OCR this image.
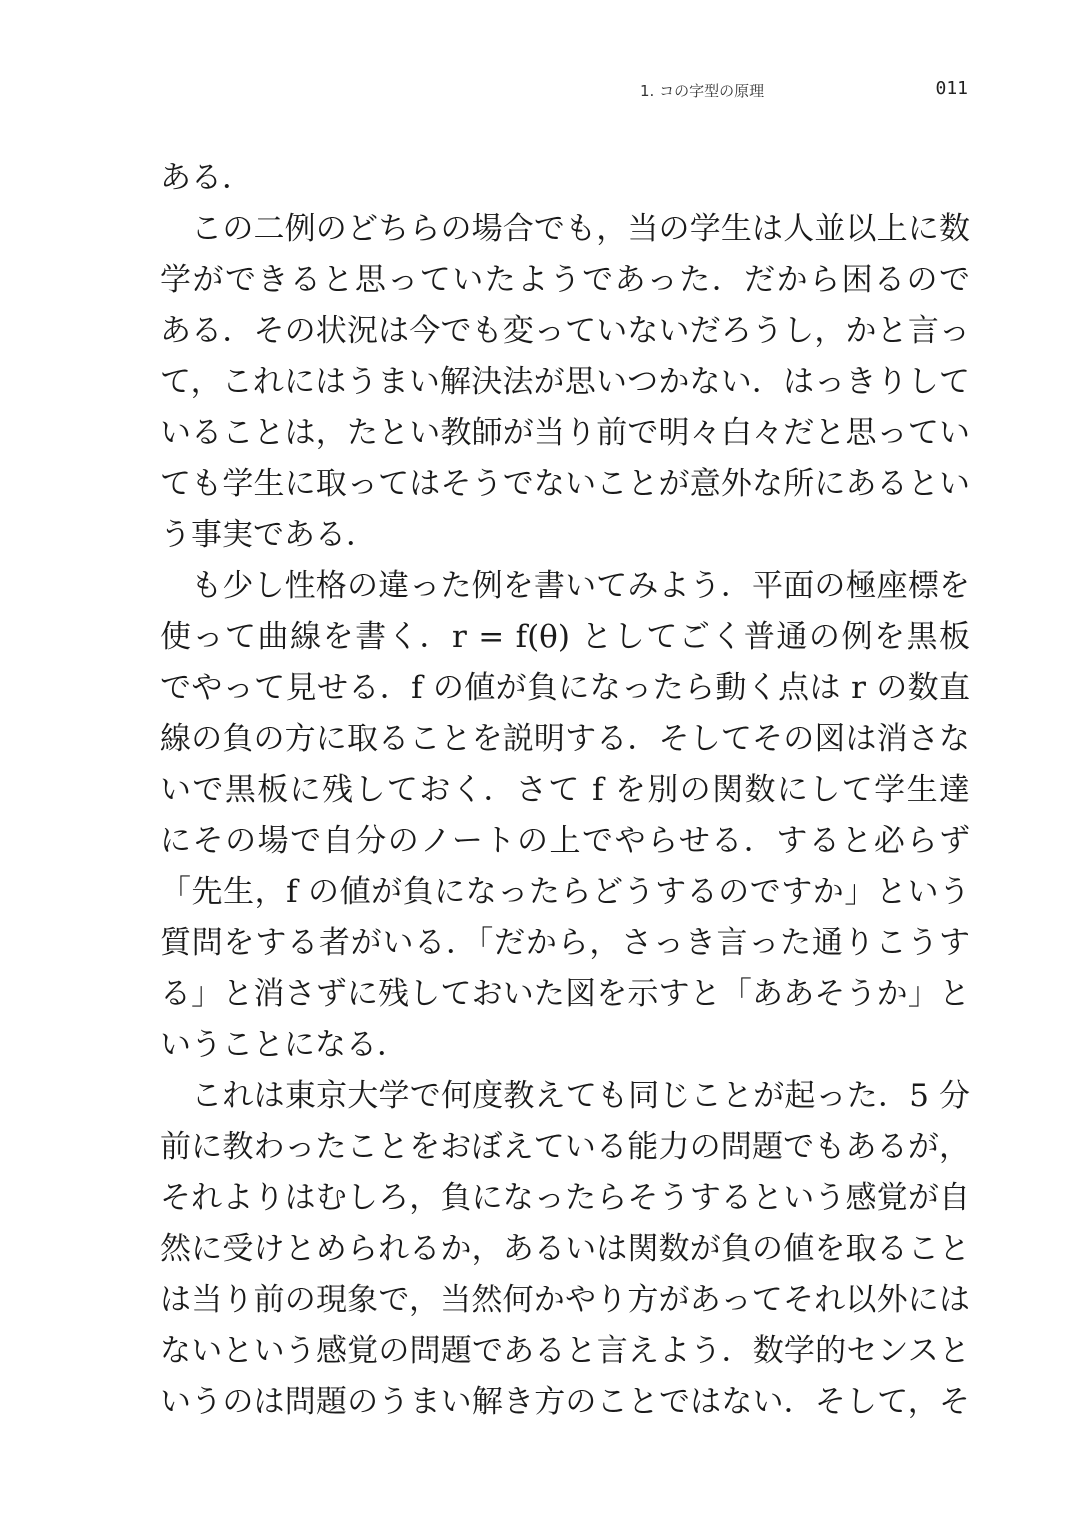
1. コの字型の原理	011
ある．
　この二例のどちらの場合でも，当の学生は人並以上に数
学ができると思っていたようであった．だから困るので
ある．その状況は今でも変っていないだろうし，かと言っ
て，これにはうまい解決法が思いつかない．はっきりして
いることは，たとい教師が当り前で明々白々だと思ってい
ても学生に取ってはそうでないことが意外な所にあるとい
う事実である．
　も少し性格の違った例を書いてみよう．平面の極座標を
使って曲線を書く．r = f(θ) としてごく普通の例を黒板
でやって見せる．f の値が負になったら動く点は r の数直
線の負の方に取ることを説明する．そしてその図は消さな
いで黒板に残しておく．さて f を別の関数にして学生達
にその場で自分のノートの上でやらせる．すると必らず
「先生，f の値が負になったらどうするのですか」という
質問をする者がいる．「だから，さっき言った通りこうす
る」と消さずに残しておいた図を示すと「ああそうか」と
いうことになる．
　これは東京大学で何度教えても同じことが起った．5 分
前に教わったことをおぼえている能力の問題でもあるが，
それよりはむしろ，負になったらそうするという感覚が自
然に受けとめられるか，あるいは関数が負の値を取ること
は当り前の現象で，当然何かやり方があってそれ以外には
ないという感覚の問題であると言えよう．数学的センスと
いうのは問題のうまい解き方のことではない．そして，そ
